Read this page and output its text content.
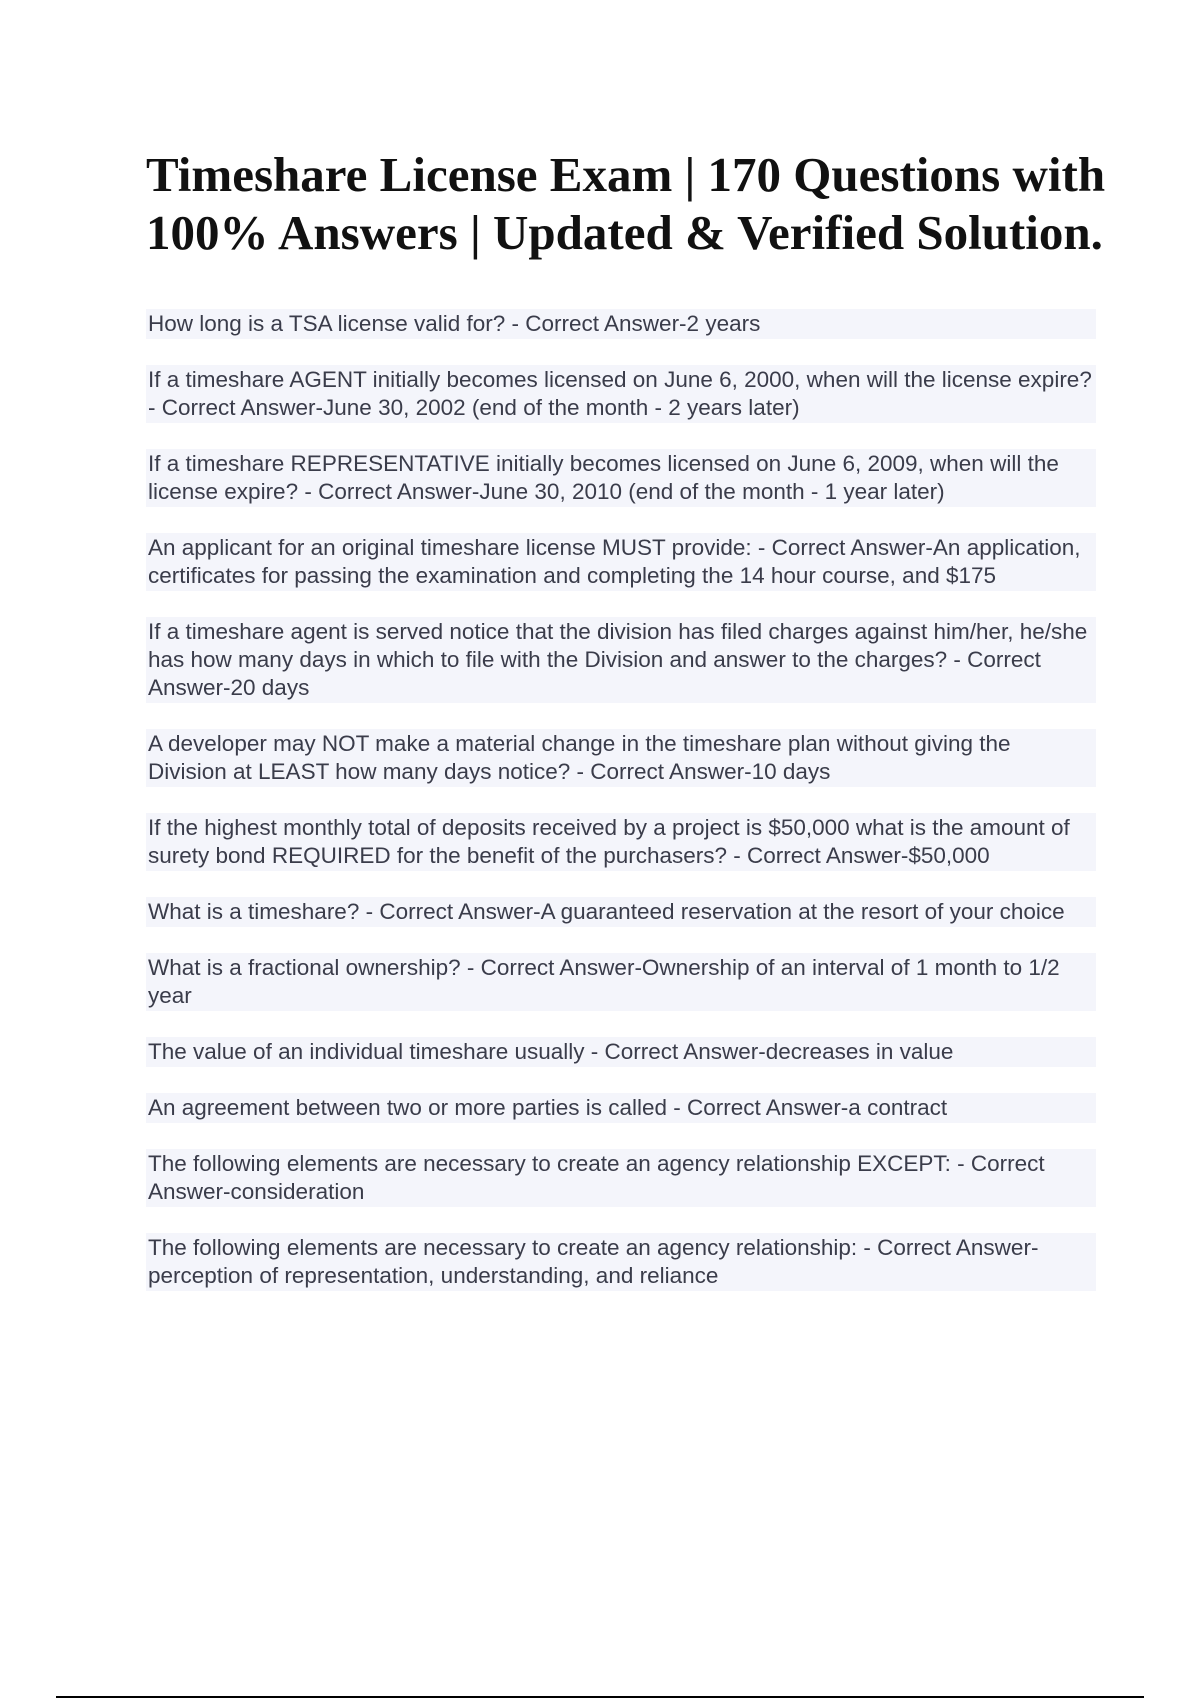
Timeshare License Exam | 170 Questions with
100% Answers | Updated & Verified Solution.
How long is a TSA license valid for? - Correct Answer-2 years
If a timeshare AGENT initially becomes licensed on June 6, 2000, when will the license expire? - Correct Answer-June 30, 2002 (end of the month - 2 years later)
If a timeshare REPRESENTATIVE initially becomes licensed on June 6, 2009, when will the license expire? - Correct Answer-June 30, 2010 (end of the month - 1 year later)
An applicant for an original timeshare license MUST provide: - Correct Answer-An application, certificates for passing the examination and completing the 14 hour course, and $175
If a timeshare agent is served notice that the division has filed charges against him/her, he/she has how many days in which to file with the Division and answer to the charges? - Correct Answer-20 days
A developer may NOT make a material change in the timeshare plan without giving the Division at LEAST how many days notice? - Correct Answer-10 days
If the highest monthly total of deposits received by a project is $50,000 what is the amount of surety bond REQUIRED for the benefit of the purchasers? - Correct Answer-$50,000
What is a timeshare? - Correct Answer-A guaranteed reservation at the resort of your choice
What is a fractional ownership? - Correct Answer-Ownership of an interval of 1 month to 1/2 year
The value of an individual timeshare usually - Correct Answer-decreases in value
An agreement between two or more parties is called - Correct Answer-a contract
The following elements are necessary to create an agency relationship EXCEPT: - Correct Answer-consideration
The following elements are necessary to create an agency relationship: - Correct Answer-perception of representation, understanding, and reliance
